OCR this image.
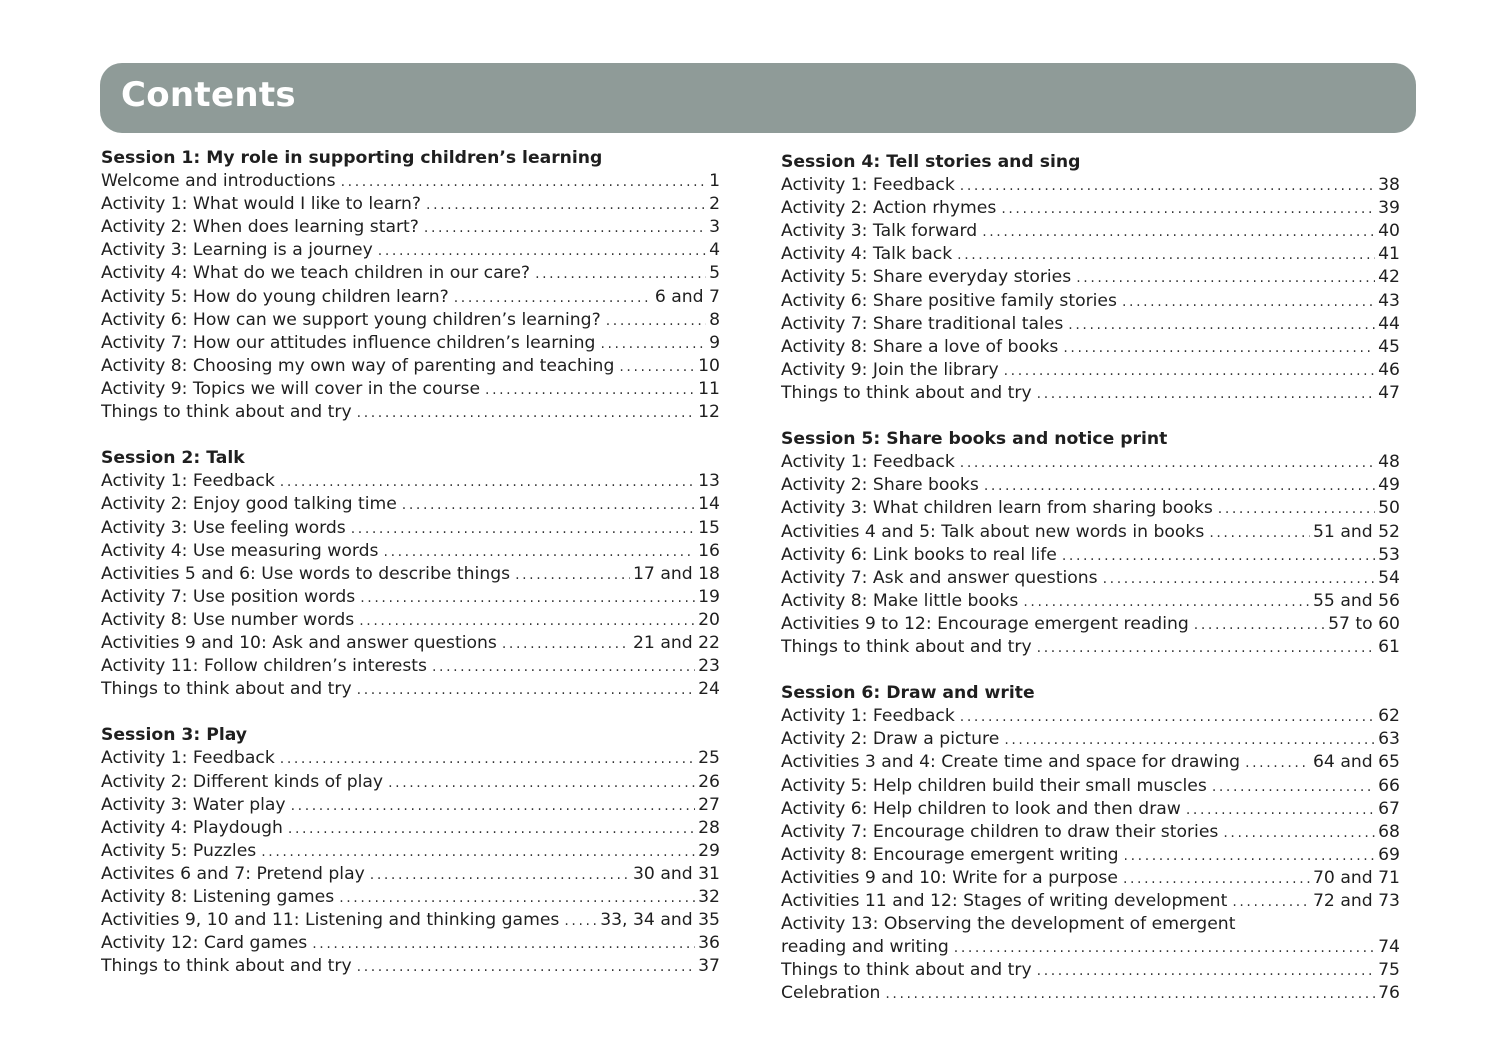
Contents
Session 1: My role in supporting children’s learning
Welcome and introductions .....	1
Activity 1: What would I like to learn? .....	2
Activity 2: When does learning start? .....	3
Activity 3: Learning is a journey .....	4
Activity 4: What do we teach children in our care? .....	5
Activity 5: How do young children learn? .....	6 and 7
Activity 6: How can we support young children’s learning? .....	8
Activity 7: How our attitudes influence children’s learning .....	9
Activity 8: Choosing my own way of parenting and teaching .....	10
Activity 9: Topics we will cover in the course .....	11
Things to think about and try .....	12
Session 2: Talk
Activity 1: Feedback .....	13
Activity 2: Enjoy good talking time .....	14
Activity 3: Use feeling words .....	15
Activity 4: Use measuring words .....	16
Activities 5 and 6: Use words to describe things .....	17 and 18
Activity 7: Use position words .....	19
Activity 8: Use number words .....	20
Activities 9 and 10: Ask and answer questions .....	21 and 22
Activity 11: Follow children’s interests .....	23
Things to think about and try .....	24
Session 3: Play
Activity 1: Feedback .....	25
Activity 2: Different kinds of play .....	26
Activity 3: Water play .....	27
Activity 4: Playdough .....	28
Activity 5: Puzzles .....	29
Activites 6 and 7: Pretend play .....	30 and 31
Activity 8: Listening games .....	32
Activities 9, 10 and 11: Listening and thinking games ..... 33, 34 and 35
Activity 12: Card games .....	36
Things to think about and try .....	37
Session 4: Tell stories and sing
Activity 1: Feedback .....	38
Activity 2: Action rhymes .....	39
Activity 3: Talk forward .....	40
Activity 4: Talk back .....	41
Activity 5: Share everyday stories .....	42
Activity 6: Share positive family stories .....	43
Activity 7: Share traditional tales .....	44
Activity 8: Share a love of books .....	45
Activity 9: Join the library .....	46
Things to think about and try .....	47
Session 5: Share books and notice print
Activity 1: Feedback .....	48
Activity 2: Share books .....	49
Activity 3: What children learn from sharing books .....	50
Activities 4 and 5: Talk about new words in books .....	51 and 52
Activity 6: Link books to real life .....	53
Activity 7: Ask and answer questions .....	54
Activity 8: Make little books .....	55 and 56
Activities 9 to 12: Encourage emergent reading .....	57 to 60
Things to think about and try .....	61
Session 6: Draw and write
Activity 1: Feedback .....	62
Activity 2: Draw a picture .....	63
Activities 3 and 4: Create time and space for drawing .....	64 and 65
Activity 5: Help children build their small muscles .....	66
Activity 6: Help children to look and then draw .....	67
Activity 7: Encourage children to draw their stories .....	68
Activity 8: Encourage emergent writing .....	69
Activities 9 and 10: Write for a purpose .....	70 and 71
Activities 11 and 12: Stages of writing development .....	72 and 73
Activity 13: Observing the development of emergent
reading and writing .....	74
Things to think about and try .....	75
Celebration .....	76
